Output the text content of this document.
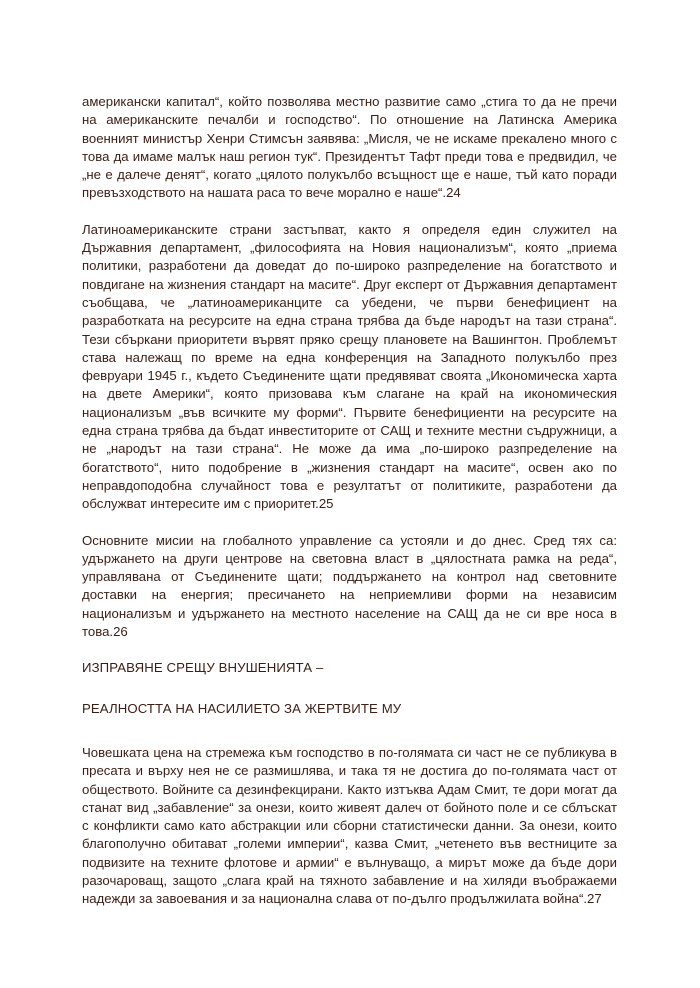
американски капитал“, който позволява местно развитие само „стига то да не пречи на американските печалби и господство“. По отношение на Латинска Америка военният министър Хенри Стимсън заявява: „Мисля, че не искаме прекалено много с това да имаме малък наш регион тук“. Президентът Тафт преди това е предвидил, че „не е далече денят“, когато „цялото полукълбо всъщност ще е наше, тъй като поради превъзходството на нашата раса то вече морално е наше“.24

Латиноамериканските страни застъпват, както я определя един служител на Държавния департамент, „философията на Новия национализъм“, която „приема политики, разработени да доведат до по-широко разпределение на богатството и повдигане на жизнения стандарт на масите“. Друг експерт от Държавния департамент съобщава, че „латиноамериканците са убедени, че първи бенефициент на разработката на ресурсите на една страна трябва да бъде народът на тази страна“. Тези сбъркани приоритети вървят пряко срещу плановете на Вашингтон. Проблемът става належащ по време на една конференция на Западното полукълбо през февруари 1945 г., където Съединените щати предявяват своята „Икономическа харта на двете Америки“, която призовава към слагане на край на икономическия национализъм „във всичките му форми“. Първите бенефициенти на ресурсите на една страна трябва да бъдат инвеститорите от САЩ и техните местни съдружници, а не „народът на тази страна“. Не може да има „по-широко разпределение на богатството“, нито подобрение в „жизнения стандарт на масите“, освен ако по неправдоподобна случайност това е резултатът от политиките, разработени да обслужват интересите им с приоритет.25

Основните мисии на глобалното управление са устояли и до днес. Сред тях са: удържането на други центрове на световна власт в „цялостната рамка на реда“, управлявана от Съединените щати; поддържането на контрол над световните доставки на енергия; пресичането на неприемливи форми на независим национализъм и удържането на местното население на САЩ да не си вре носа в това.26

ИЗПРАВЯНЕ СРЕЩУ ВНУШЕНИЯТА –

РЕАЛНОСТТА НА НАСИЛИЕТО ЗА ЖЕРТВИТЕ МУ

Човешката цена на стремежа към господство в по-голямата си част не се публикува в пресата и върху нея не се размишлява, и така тя не достига до по-голямата част от обществото. Войните са дезинфекцирани. Както изтъква Адам Смит, те дори могат да станат вид „забавление“ за онези, които живеят далеч от бойното поле и се сблъскат с конфликти само като абстракции или сборни статистически данни. За онези, които благополучно обитават „големи империи“, казва Смит, „четенето във вестниците за подвизите на техните флотове и армии“ е вълнуващо, а мирът може да бъде дори разочароващ, защото „слага край на тяхното забавление и на хиляди въображаеми надежди за завоевания и за национална слава от по-дълго продължилата война“.27
